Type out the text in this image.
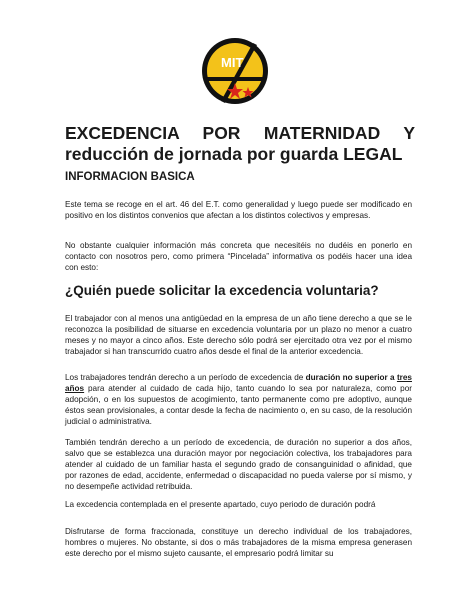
MIT
EXCEDENCIA POR MATERNIDAD Y reducción de jornada por guarda LEGAL
INFORMACION BASICA

Este tema se recoge en el art. 46 del E.T. como generalidad y luego puede ser modificado en positivo en los distintos convenios que afectan a los distintos colectivos y empresas.

No obstante cualquier información más concreta que necesitéis no dudéis en ponerlo en contacto con nosotros pero, como primera “Pincelada” informativa os podéis hacer una idea con esto:

¿Quién puede solicitar la excedencia voluntaria?

El trabajador con al menos una antigüedad en la empresa de un año tiene derecho a que se le reconozca la posibilidad de situarse en excedencia voluntaria por un plazo no menor a cuatro meses y no mayor a cinco años. Este derecho sólo podrá ser ejercitado otra vez por el mismo trabajador si han transcurrido cuatro años desde el final de la anterior excedencia.

Los trabajadores tendrán derecho a un período de excedencia de duración no superior a tres años para atender al cuidado de cada hijo, tanto cuando lo sea por naturaleza, como por adopción, o en los supuestos de acogimiento, tanto permanente como pre adoptivo, aunque éstos sean provisionales, a contar desde la fecha de nacimiento o, en su caso, de la resolución judicial o administrativa.

También tendrán derecho a un período de excedencia, de duración no superior a dos años, salvo que se establezca una duración mayor por negociación colectiva, los trabajadores para atender al cuidado de un familiar hasta el segundo grado de consanguinidad o afinidad, que por razones de edad, accidente, enfermedad o discapacidad no pueda valerse por sí mismo, y no desempeñe actividad retribuida.

La excedencia contemplada en el presente apartado, cuyo periodo de duración podrá

Disfrutarse de forma fraccionada, constituye un derecho individual de los trabajadores, hombres o mujeres. No obstante, si dos o más trabajadores de la misma empresa generasen este derecho por el mismo sujeto causante, el empresario podrá limitar su
